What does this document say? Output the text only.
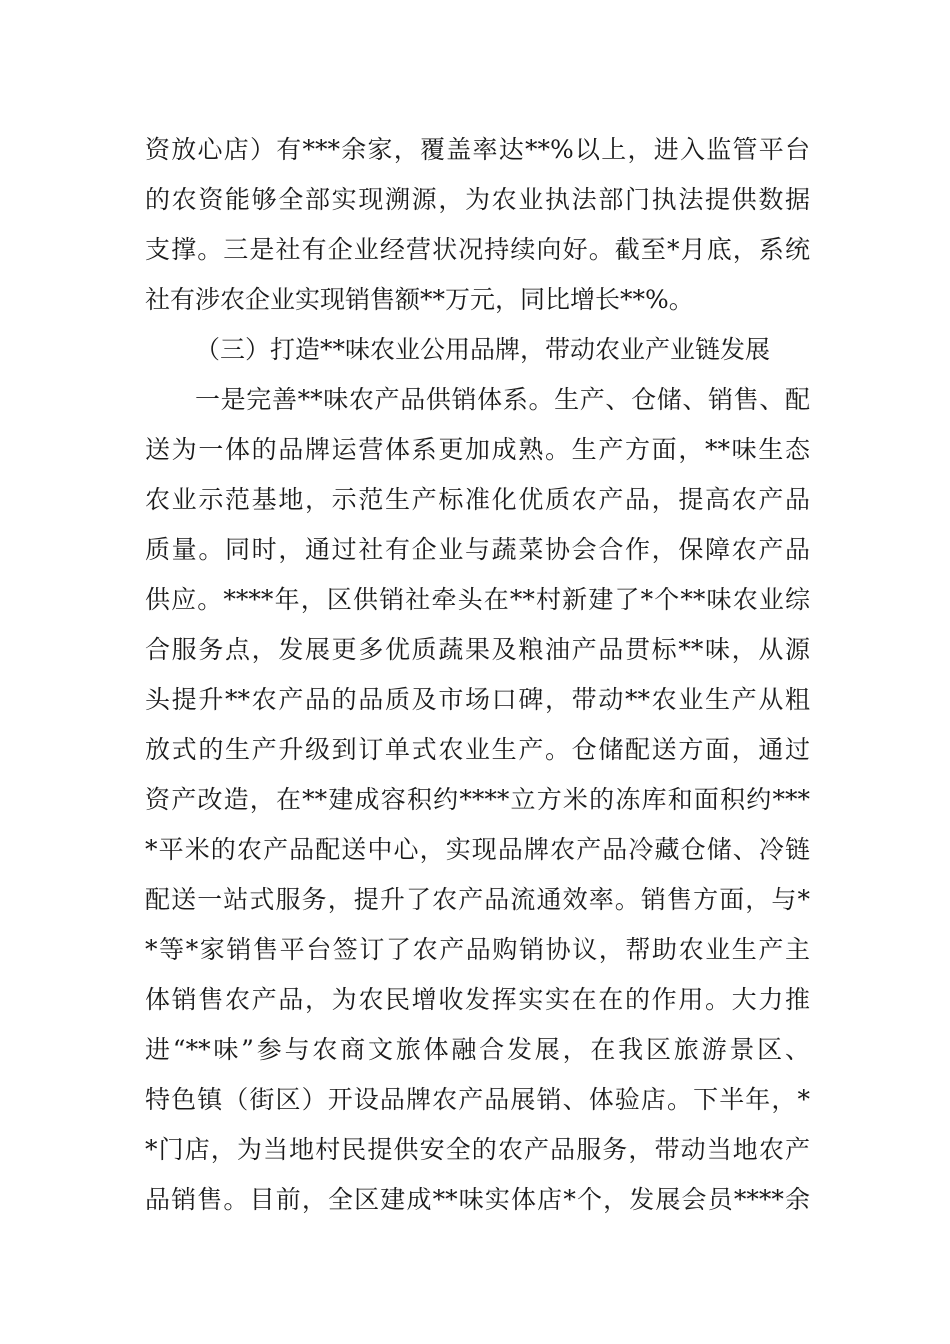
资放心店）有***余家，覆盖率达**%以上，进入监管平台
的农资能够全部实现溯源，为农业执法部门执法提供数据
支撑。三是社有企业经营状况持续向好。截至*月底，系统
社有涉农企业实现销售额**万元，同比增长**%。
（三）打造**味农业公用品牌，带动农业产业链发展
一是完善**味农产品供销体系。生产、仓储、销售、配
送为一体的品牌运营体系更加成熟。生产方面，**味生态
农业示范基地，示范生产标准化优质农产品，提高农产品
质量。同时，通过社有企业与蔬菜协会合作，保障农产品
供应。****年，区供销社牵头在**村新建了*个**味农业综
合服务点，发展更多优质蔬果及粮油产品贯标**味，从源
头提升**农产品的品质及市场口碑，带动**农业生产从粗
放式的生产升级到订单式农业生产。仓储配送方面，通过
资产改造，在**建成容积约****立方米的冻库和面积约***
*平米的农产品配送中心，实现品牌农产品冷藏仓储、冷链
配送一站式服务，提升了农产品流通效率。销售方面，与*
*等*家销售平台签订了农产品购销协议，帮助农业生产主
体销售农产品，为农民增收发挥实实在在的作用。大力推
进“**味”参与农商文旅体融合发展，在我区旅游景区、
特色镇（街区）开设品牌农产品展销、体验店。下半年，*
*门店，为当地村民提供安全的农产品服务，带动当地农产
品销售。目前，全区建成**味实体店*个，发展会员****余
